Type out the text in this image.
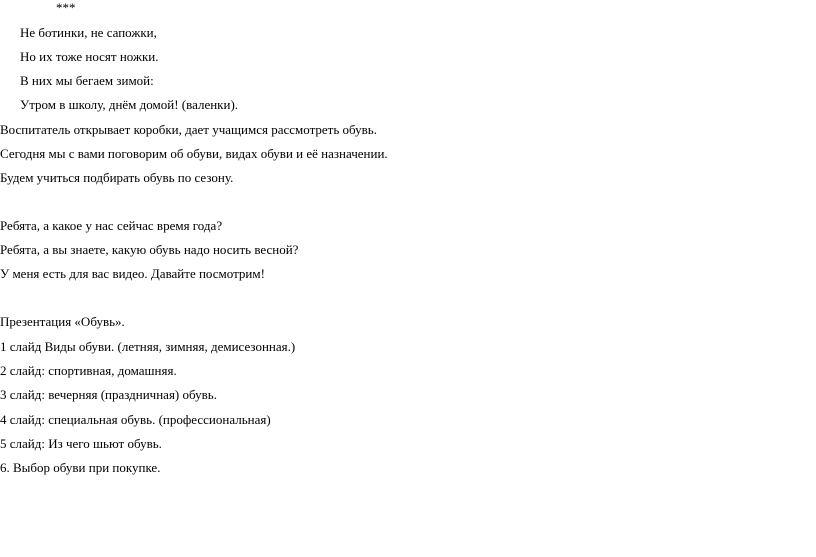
***
Не ботинки, не сапожки,
Но их тоже носят ножки.
В них мы бегаем зимой:
Утром в школу, днём домой! (валенки).
Воспитатель открывает коробки, дает учащимся рассмотреть обувь.
Сегодня мы с вами поговорим об обуви, видах обуви и её назначении.
Будем учиться подбирать обувь по сезону.
Ребята, а какое у нас сейчас время года?
Ребята, а вы знаете, какую обувь надо носить весной?
У меня есть для вас видео. Давайте посмотрим!
Презентация «Обувь».
1 слайд Виды обуви. (летняя, зимняя, демисезонная.)
2 слайд: спортивная, домашняя.
3 слайд: вечерняя (праздничная) обувь.
4 слайд: специальная обувь. (профессиональная)
5 слайд: Из чего шьют обувь.
6. Выбор обуви при покупке.
